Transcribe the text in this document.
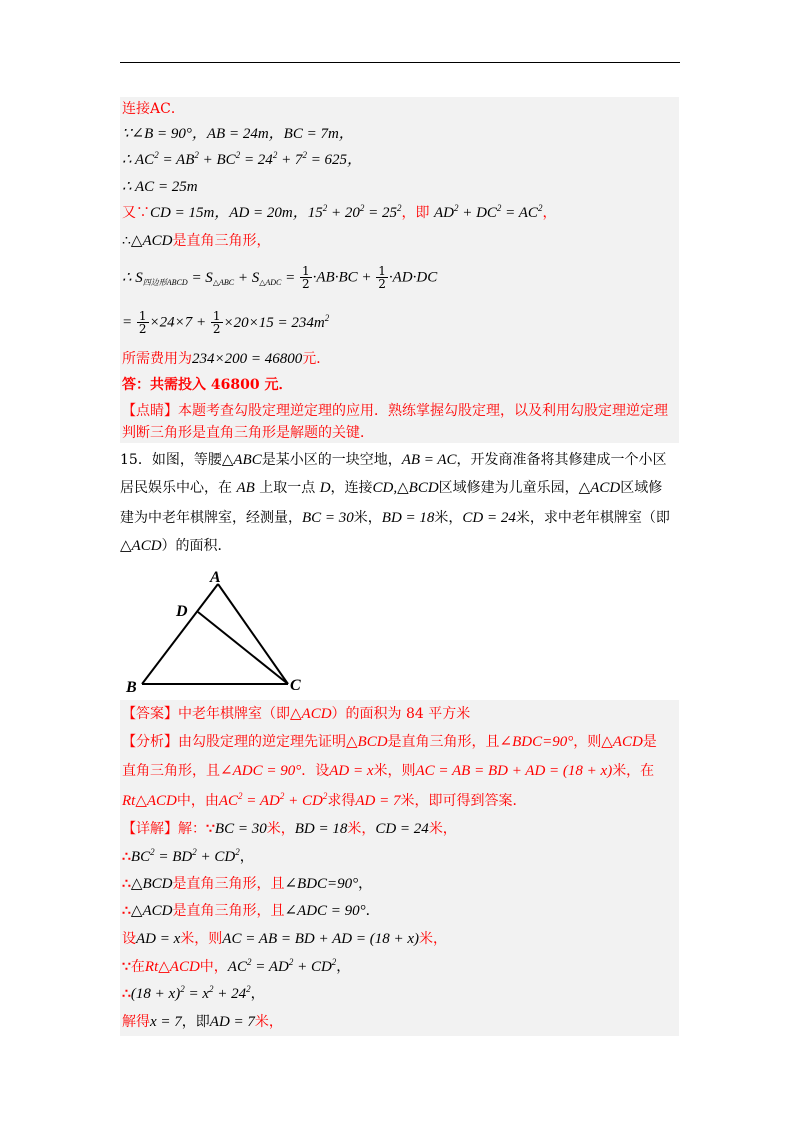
连接AC．
∵∠B = 90°，AB = 24m，BC = 7m，
∴ $AC^2 = AB^2 + BC^2 = 24^2 + 7^2 = 625$，
∴ AC = 25m
又∵CD = 15m，AD = 20m，$15^2 + 20^2 = 25^2$，即 $AD^2 + DC^2 = AC^2$，
∴△ACD是直角三角形，
∴ $S_{四边形ABCD} = S_{\triangle ABC} + S_{\triangle ADC} = \frac{1}{2} \cdot AB\cdot BC + \frac{1}{2} \cdot AD\cdot DC$
= $\frac{1}{2} \times 24\times 7 + \frac{1}{2} \times 20\times 15 = 234m^2$
所需费用为234×200 = 46800元．
答：共需投入 46800 元．
【点睛】本题考查勾股定理逆定理的应用．熟练掌握勾股定理，以及利用勾股定理逆定理
判断三角形是直角三角形是解题的关键．
15．如图，等腰△ABC是某小区的一块空地，AB = AC，开发商准备将其修建成一个小区
居民娱乐中心，在 AB 上取一点 D，连接CD,△BCD区域修建为儿童乐园，△ACD区域修
建为中老年棋牌室，经测量，BC = 30米，BD = 18米，CD = 24米，求中老年棋牌室（即
△ACD）的面积．
A
D
B	C
【答案】中老年棋牌室（即△ACD）的面积为 84 平方米
【分析】由勾股定理的逆定理先证明△BCD是直角三角形，且∠BDC=90°，则△ACD是
直角三角形，且∠ADC = 90°．设AD = x米，则AC = AB = BD + AD = (18 + x)米，在
Rt△ACD中，由$AC^2 = AD^2 + CD^2$求得AD = 7米，即可得到答案．
【详解】解：∵BC = 30米，BD = 18米，CD = 24米，
$\therefore BC^2 = BD^2 + CD^2$，
∴△BCD是直角三角形，且∠BDC=90°，
∴△ACD是直角三角形，且∠ADC = 90°．
设AD = x米，则AC = AB = BD + AD = (18 + x)米，
∵在Rt△ACD中，$AC^2 = AD^2 + CD^2$，
∴(18 + $x)^2 = x^2 + 24^2$，
解得x = 7，即AD = 7米，
